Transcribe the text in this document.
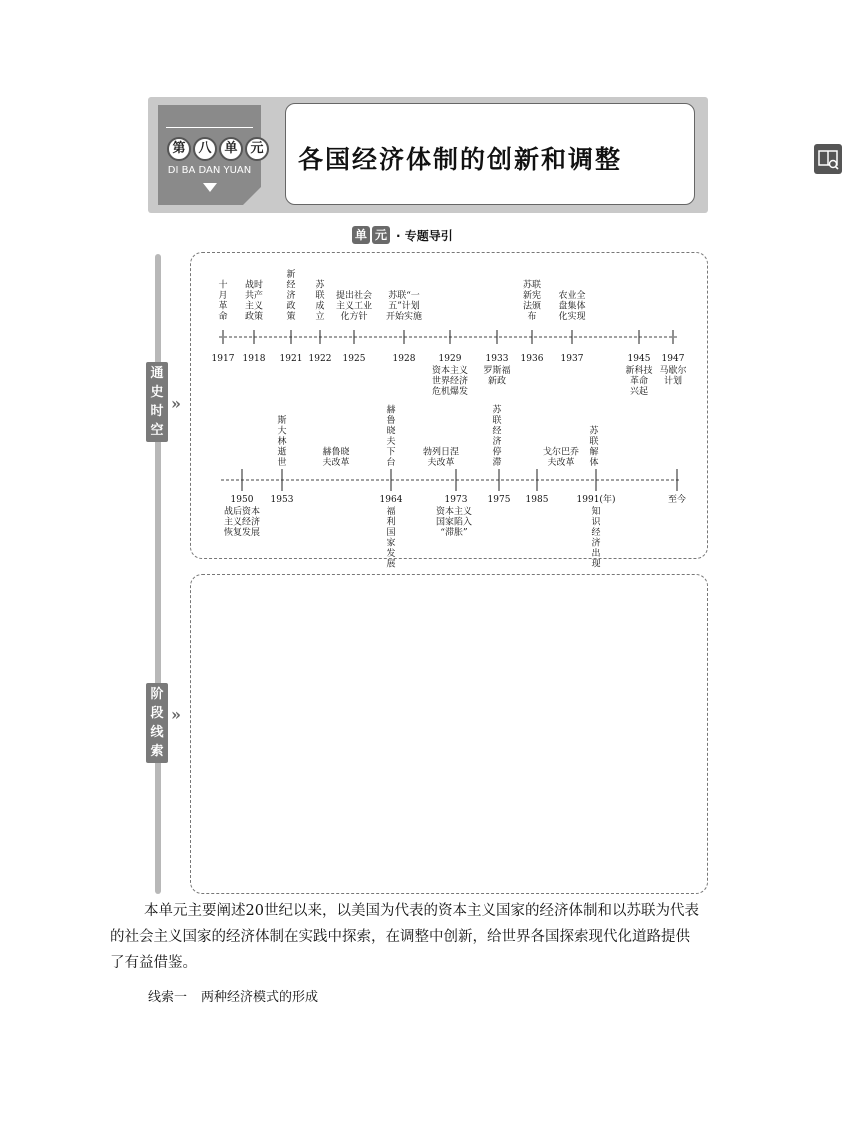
第 八 单 元
DI BA DAN YUAN	各国经济体制的创新和调整
单 元 · 专题导引
通
史
时
空
»
阶
段
线
索
»
1917 1918 1921 1922 1925	1928	1929	1933 1936 1937	1945 1947
十
月
革
命
战时
共产
主义
政策
新
经
济
政
策
苏
联
成
立
提出社会
主义工业
化方针
苏联“一
五”计划
开始实施
苏联
新宪
法颁
布
农业全
盘集体
化实现
资本主义
世界经济
危机爆发
罗斯福
新政
新科技
革命
兴起
马歇尔
计划
1950 1953	1964	1973 1975 1985	1991(年)	至今
斯
大
林
逝
世
赫鲁晓
夫改革
赫
鲁
晓
夫
下
台
勃列日涅
夫改革
苏
联
经
济
停
滞
戈尔巴乔
夫改革
苏
联
解
体
战后资本
主义经济
恢复发展
福
利
国
家
发
展
资本主义
国家陷入
“滞胀”
知
识
经
济
出
现
本单元主要阐述20世纪以来，以美国为代表的资本主义国家的经济体制和以苏联为代表的社会主义国家的经济体制在实践中探索，在调整中创新，给世界各国探索现代化道路提供了有益借鉴。
线索一 两种经济模式的形成
